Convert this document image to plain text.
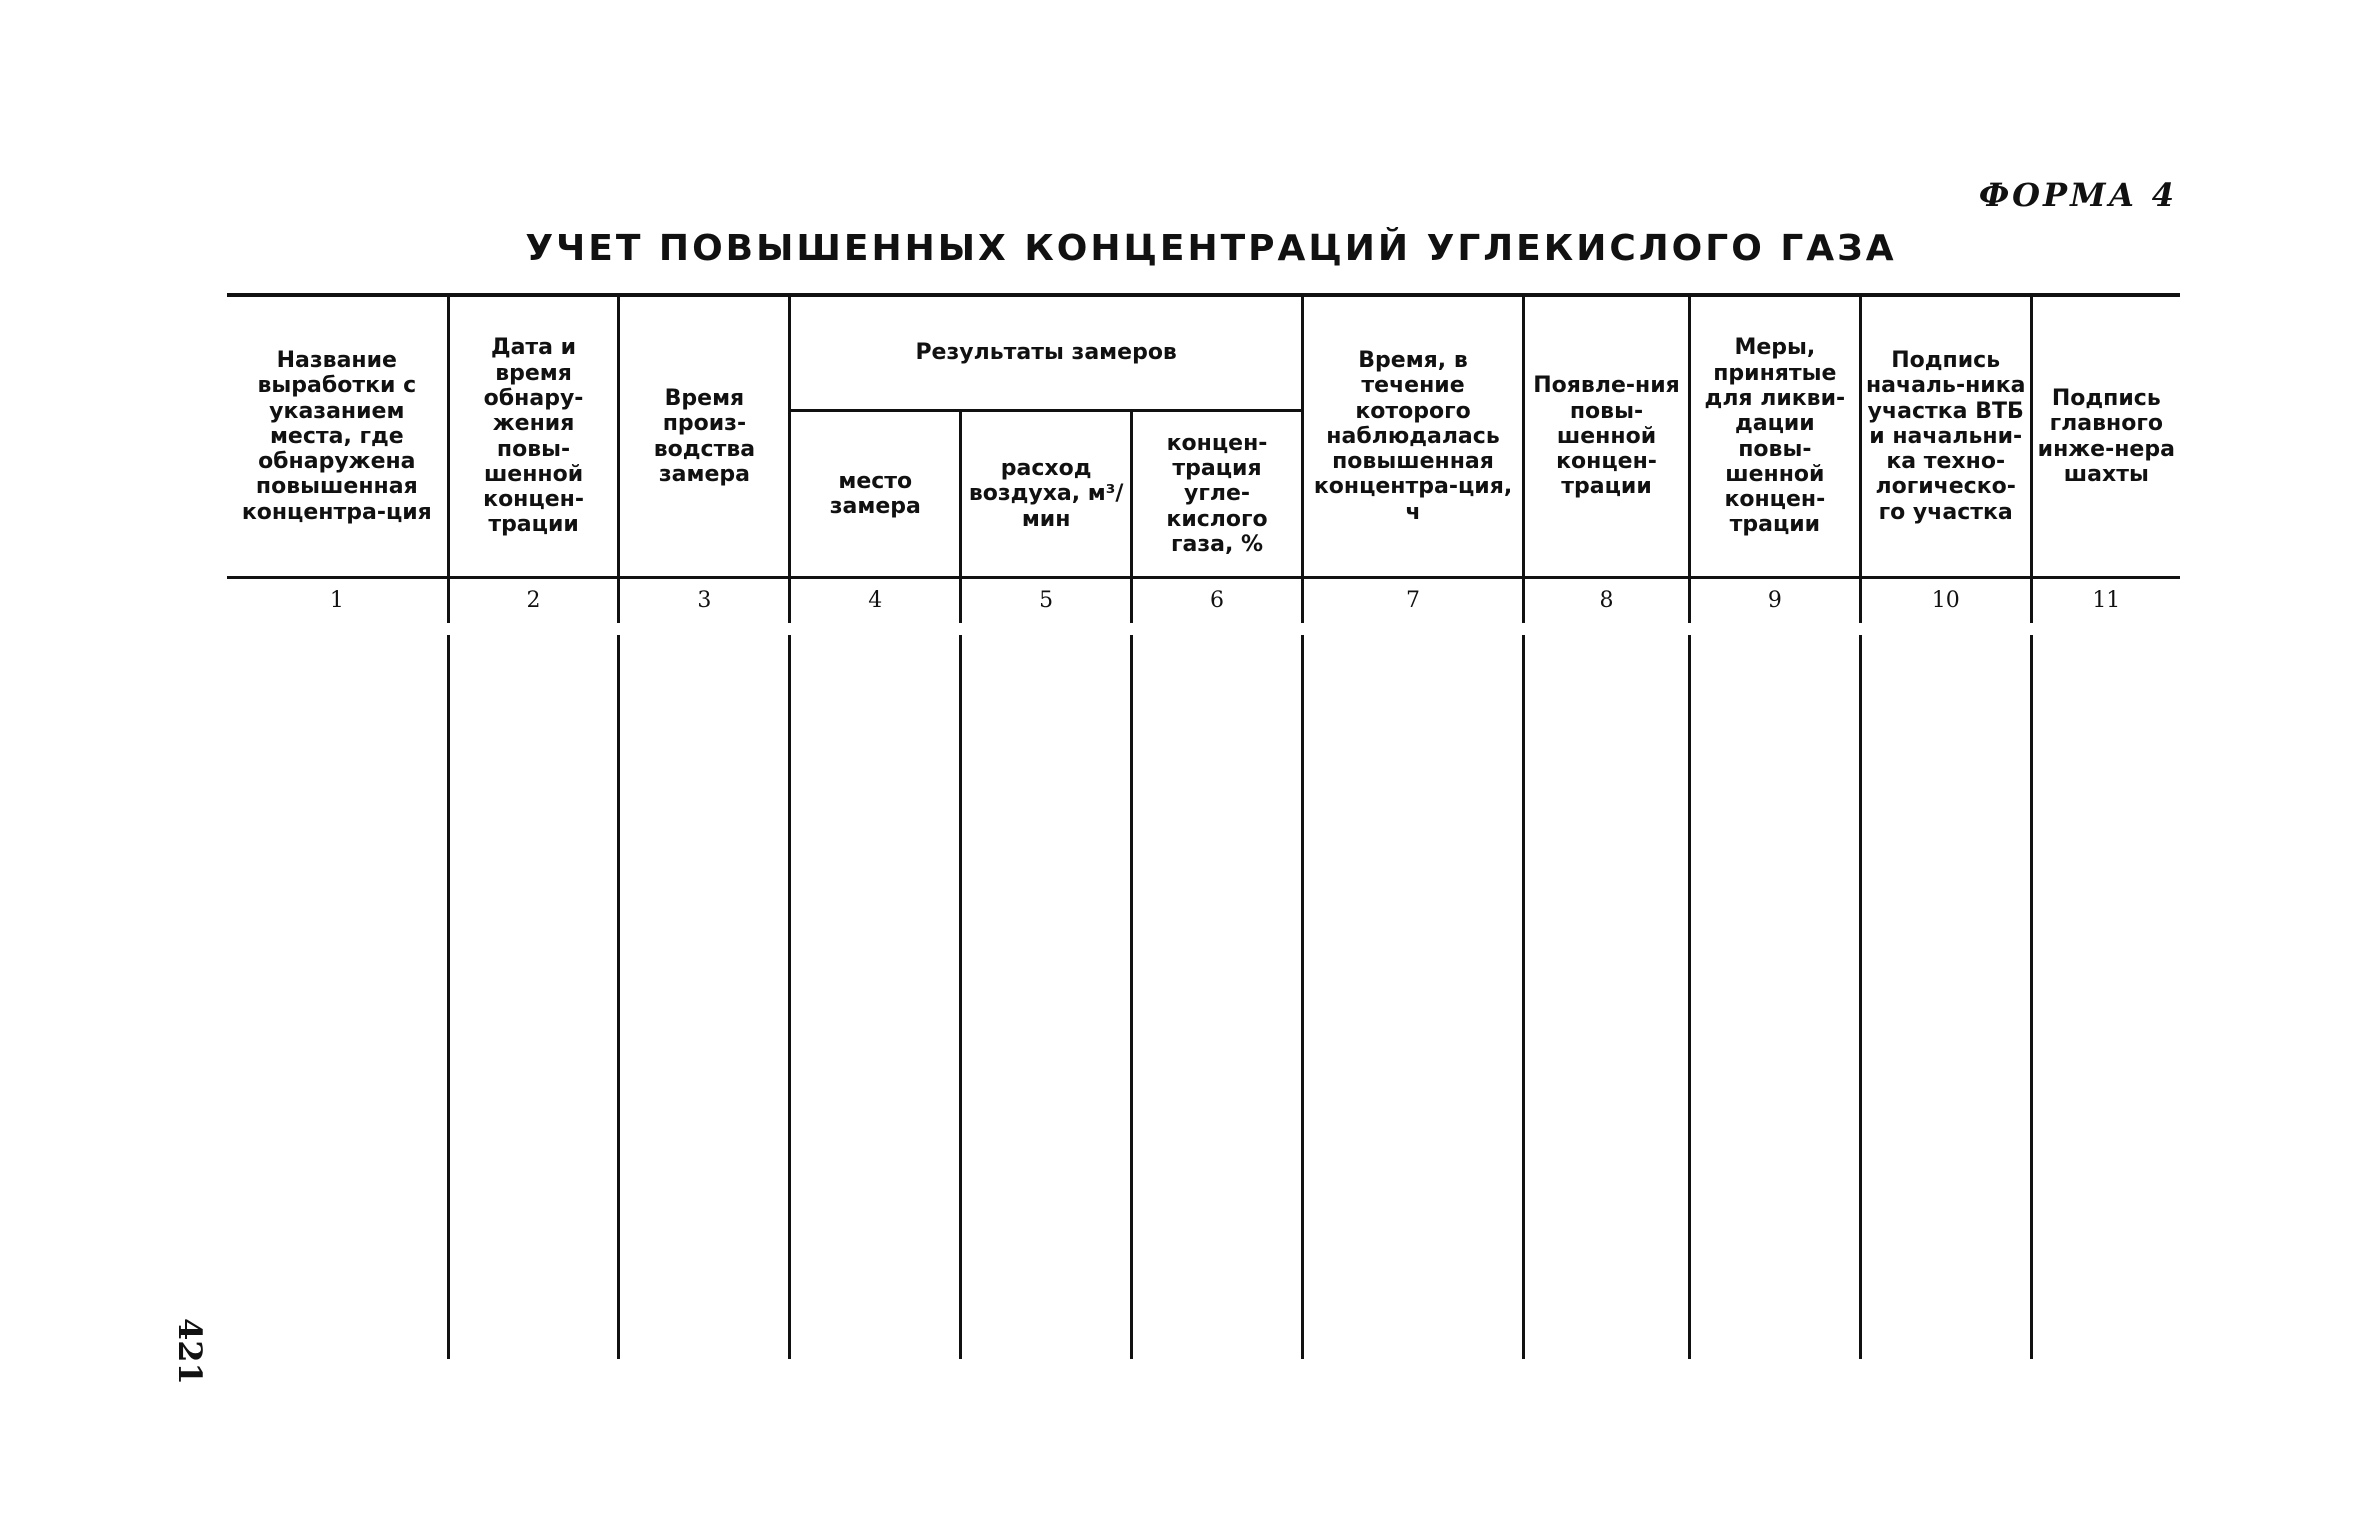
ФОРМА 4

УЧЕТ ПОВЫШЕННЫХ КОНЦЕНТРАЦИЙ УГЛЕКИСЛОГО ГАЗА
Название выработки с указанием места, где обнаружена повышенная концентра-ция	Дата и время обнару-жения повы-шенной концен-трации	Время произ-водства замера	Результаты замеров			Время, в течение которого наблюдалась повышенная концентра-ция, ч	Появле-ния повы-шенной концен-трации	Меры, принятые для ликви-дации повы-шенной концен-трации	Подпись началь-ника участка ВТБ и начальни-ка техно-логическо-го участка	Подпись главного инже-нера шахты
			место замера	расход воздуха, м³/мин	концен-трация угле-кислого газа, %					
1	2	3	4	5	6	7	8	9	10	11

421
